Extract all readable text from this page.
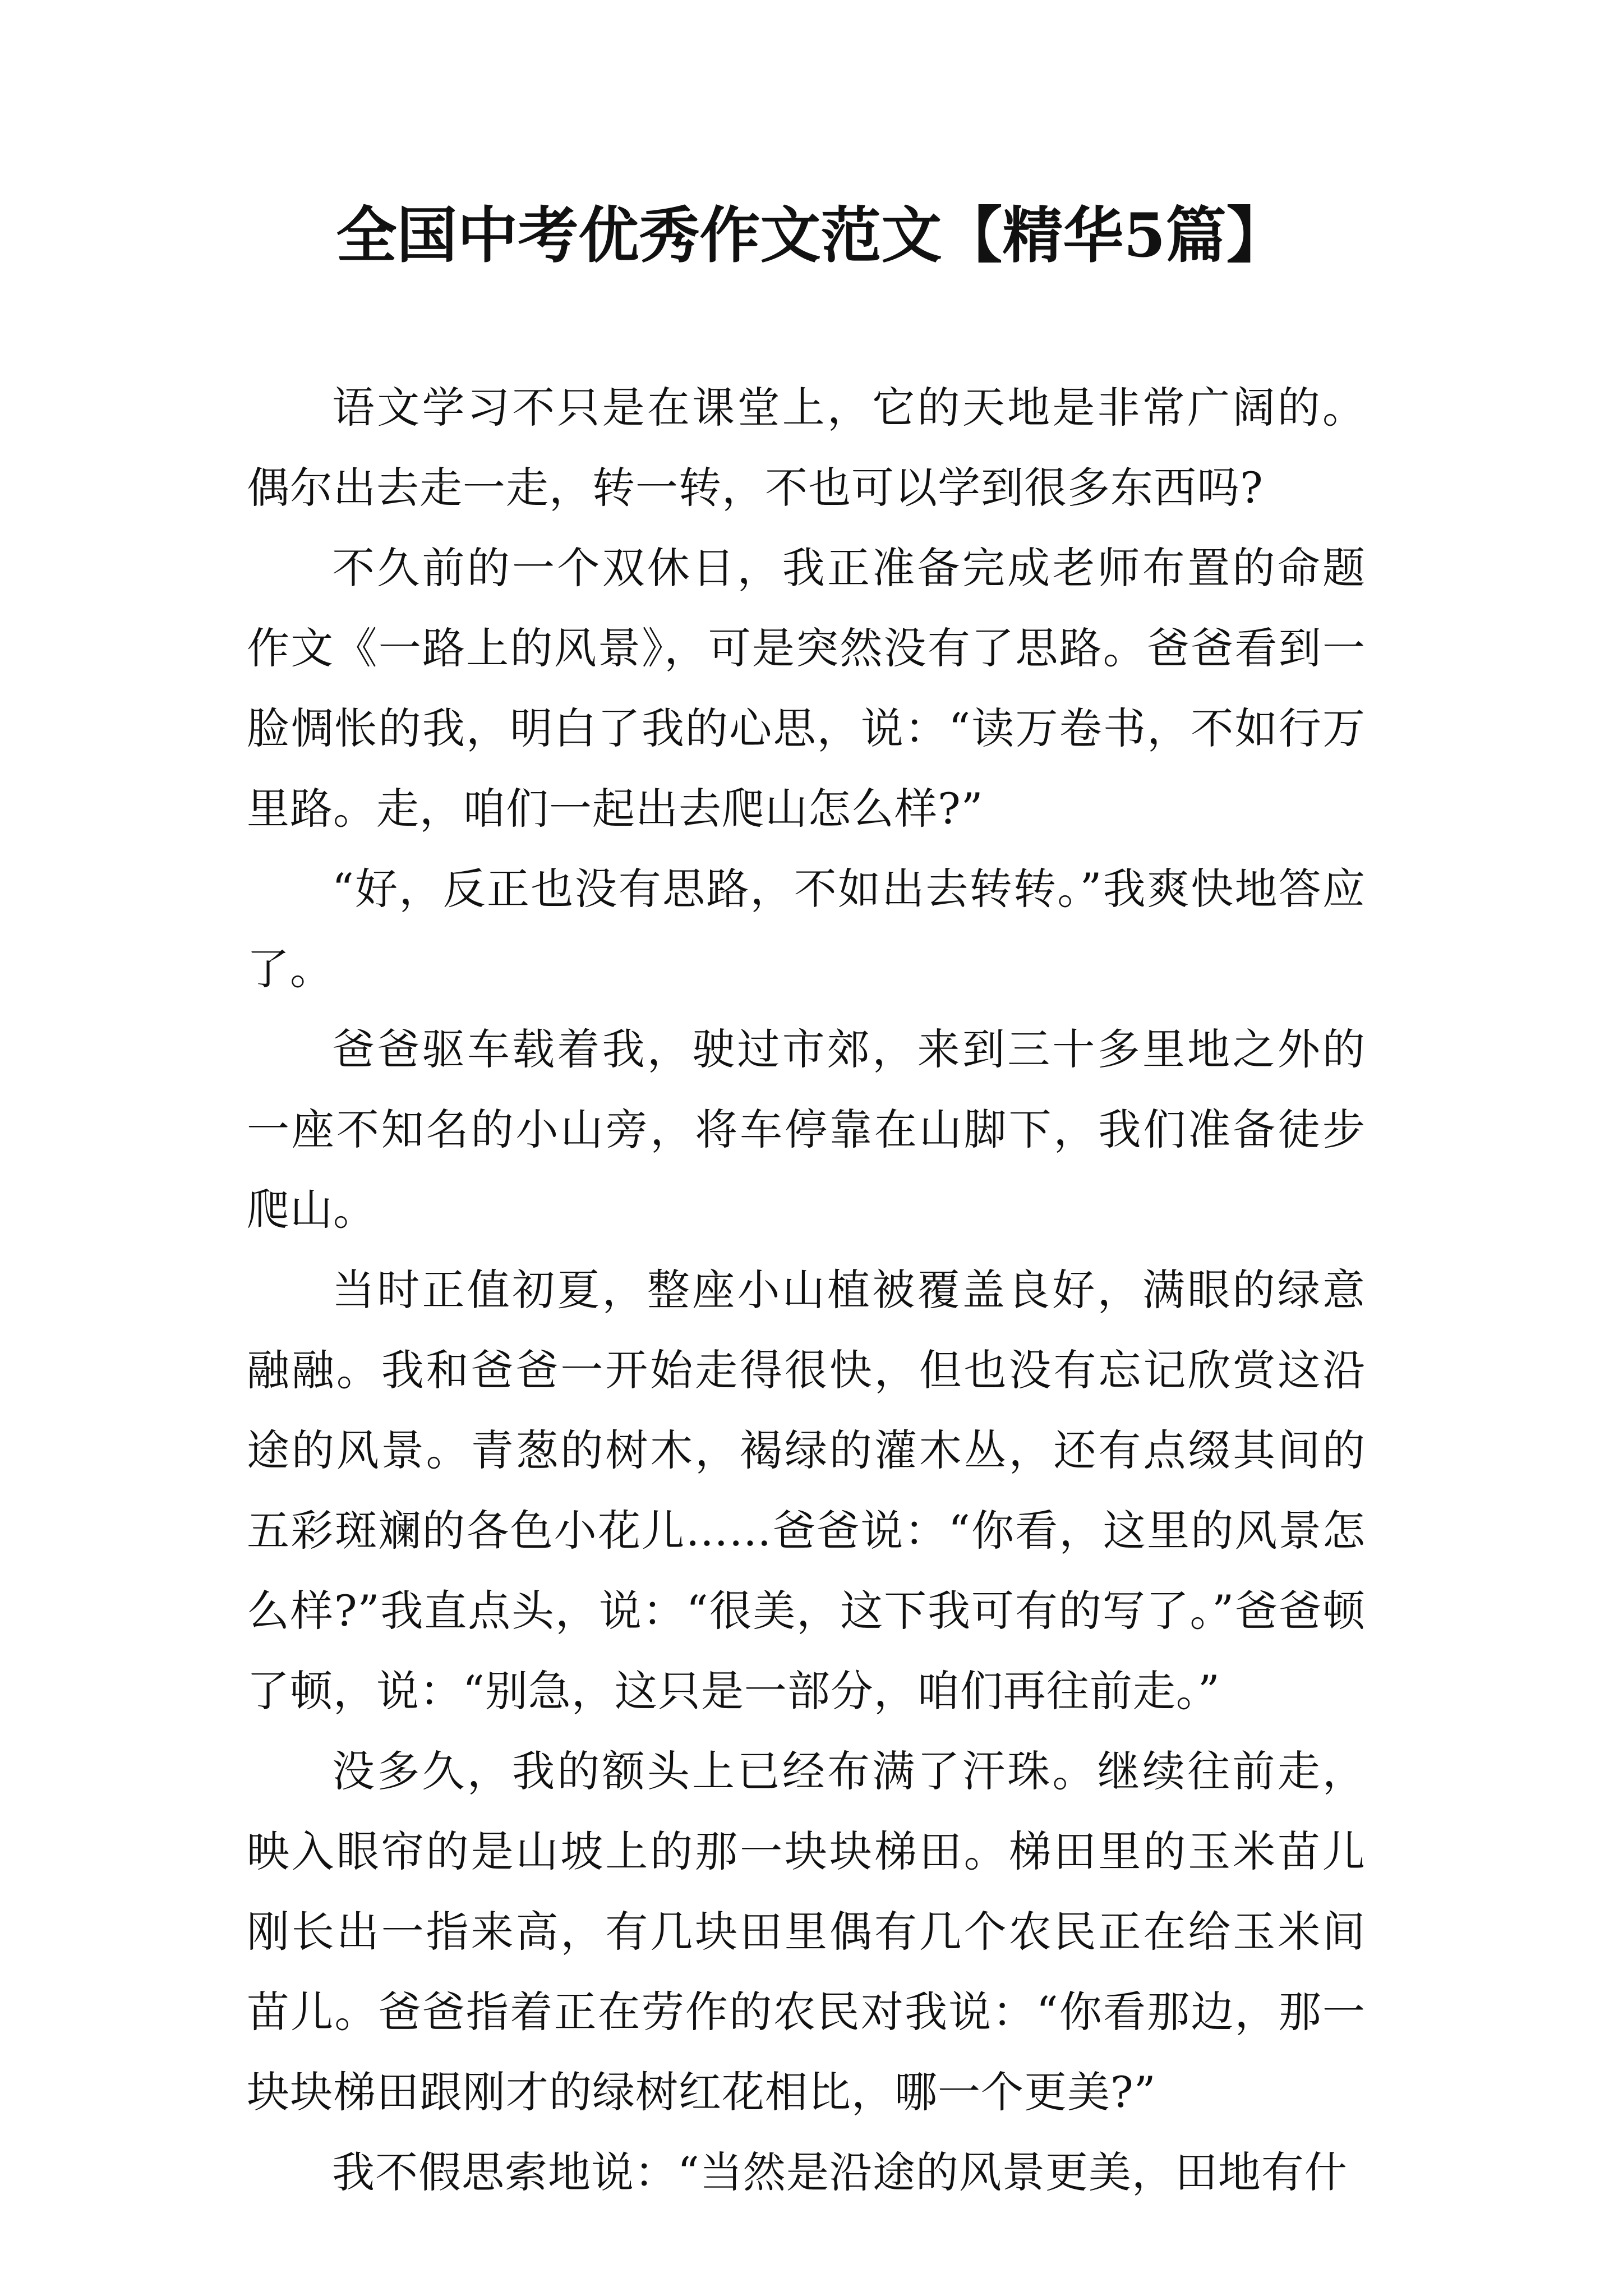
全国中考优秀作文范文【精华5篇】

语文学习不只是在课堂上，它的天地是非常广阔的。偶尔出去走一走，转一转，不也可以学到很多东西吗?

不久前的一个双休日，我正准备完成老师布置的命题作文《一路上的风景》，可是突然没有了思路。爸爸看到一脸惆怅的我，明白了我的心思，说：“读万卷书，不如行万里路。走，咱们一起出去爬山怎么样?”

“好，反正也没有思路，不如出去转转。”我爽快地答应了。

爸爸驱车载着我，驶过市郊，来到三十多里地之外的一座不知名的小山旁，将车停靠在山脚下，我们准备徒步爬山。

当时正值初夏，整座小山植被覆盖良好，满眼的绿意融融。我和爸爸一开始走得很快，但也没有忘记欣赏这沿途的风景。青葱的树木，褐绿的灌木丛，还有点缀其间的五彩斑斓的各色小花儿……爸爸说：“你看，这里的风景怎么样?”我直点头，说：“很美，这下我可有的写了。”爸爸顿了顿，说：“别急，这只是一部分，咱们再往前走。”

没多久，我的额头上已经布满了汗珠。继续往前走，映入眼帘的是山坡上的那一块块梯田。梯田里的玉米苗儿刚长出一指来高，有几块田里偶有几个农民正在给玉米间苗儿。爸爸指着正在劳作的农民对我说：“你看那边，那一块块梯田跟刚才的绿树红花相比，哪一个更美?”

我不假思索地说：“当然是沿途的风景更美，田地有什
